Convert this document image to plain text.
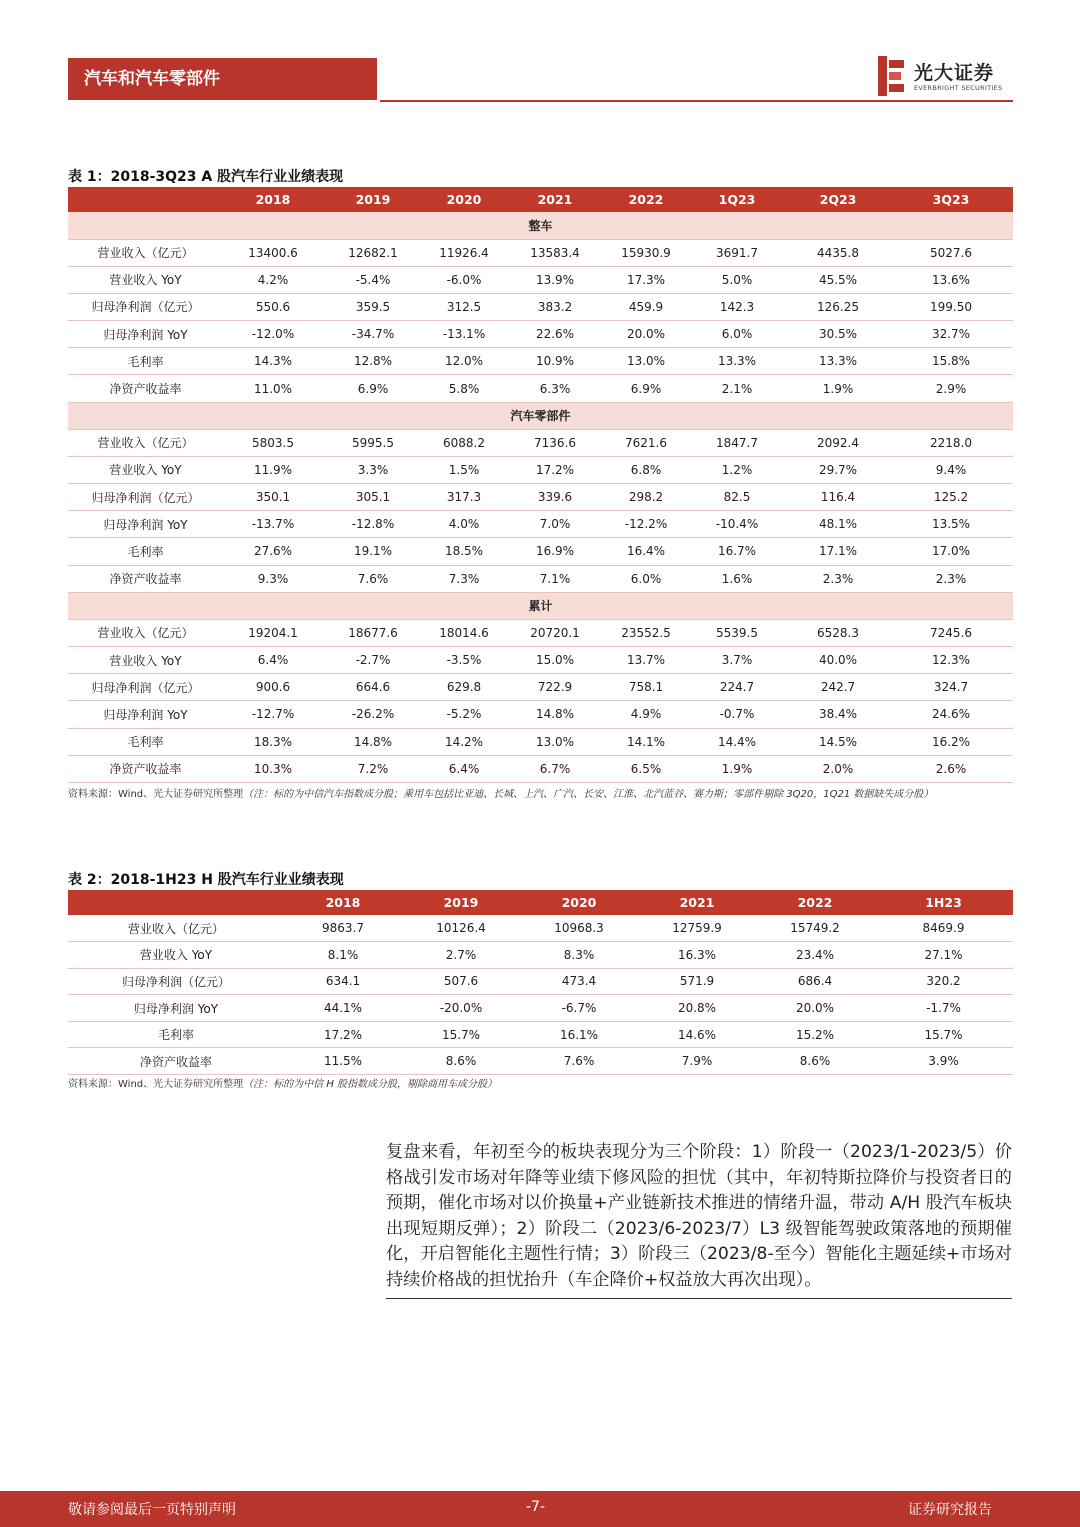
汽车和汽车零部件	光大证券
EVERBRIGHT SECURITIES
表 1：2018-3Q23 A 股汽车行业业绩表现
	2018	2019	2020	2021	2022	1Q23	2Q23	3Q23
整车								
营业收入（亿元）	13400.6	12682.1	11926.4	13583.4	15930.9	3691.7	4435.8	5027.6
营业收入 YoY	4.2%	-5.4%	-6.0%	13.9%	17.3%	5.0%	45.5%	13.6%
归母净利润（亿元）	550.6	359.5	312.5	383.2	459.9	142.3	126.25	199.50
归母净利润 YoY	-12.0%	-34.7%	-13.1%	22.6%	20.0%	6.0%	30.5%	32.7%
毛利率	14.3%	12.8%	12.0%	10.9%	13.0%	13.3%	13.3%	15.8%
净资产收益率	11.0%	6.9%	5.8%	6.3%	6.9%	2.1%	1.9%	2.9%
汽车零部件								
营业收入（亿元）	5803.5	5995.5	6088.2	7136.6	7621.6	1847.7	2092.4	2218.0
营业收入 YoY	11.9%	3.3%	1.5%	17.2%	6.8%	1.2%	29.7%	9.4%
归母净利润（亿元）	350.1	305.1	317.3	339.6	298.2	82.5	116.4	125.2
归母净利润 YoY	-13.7%	-12.8%	4.0%	7.0%	-12.2%	-10.4%	48.1%	13.5%
毛利率	27.6%	19.1%	18.5%	16.9%	16.4%	16.7%	17.1%	17.0%
净资产收益率	9.3%	7.6%	7.3%	7.1%	6.0%	1.6%	2.3%	2.3%
累计								
营业收入（亿元）	19204.1	18677.6	18014.6	20720.1	23552.5	5539.5	6528.3	7245.6
营业收入 YoY	6.4%	-2.7%	-3.5%	15.0%	13.7%	3.7%	40.0%	12.3%
归母净利润（亿元）	900.6	664.6	629.8	722.9	758.1	224.7	242.7	324.7
归母净利润 YoY	-12.7%	-26.2%	-5.2%	14.8%	4.9%	-0.7%	38.4%	24.6%
毛利率	18.3%	14.8%	14.2%	13.0%	14.1%	14.4%	14.5%	16.2%
净资产收益率	10.3%	7.2%	6.4%	6.7%	6.5%	1.9%	2.0%	2.6%
资料来源：Wind、光大证券研究所整理（注：标的为中信汽车指数成分股；乘用车包括比亚迪、长城、上汽、广汽、长安、江淮、北汽蓝谷、赛力斯；零部件剔除 3Q20，1Q21 数据缺失成分股）
表 2：2018-1H23 H 股汽车行业业绩表现
	2018	2019	2020	2021	2022	1H23
营业收入（亿元）	9863.7	10126.4	10968.3	12759.9	15749.2	8469.9
营业收入 YoY	8.1%	2.7%	8.3%	16.3%	23.4%	27.1%
归母净利润（亿元）	634.1	507.6	473.4	571.9	686.4	320.2
归母净利润 YoY	44.1%	-20.0%	-6.7%	20.8%	20.0%	-1.7%
毛利率	17.2%	15.7%	16.1%	14.6%	15.2%	15.7%
净资产收益率	11.5%	8.6%	7.6%	7.9%	8.6%	3.9%
资料来源：Wind、光大证券研究所整理（注：标的为中信 H 股指数成分股，剔除商用车成分股）
复盘来看，年初至今的板块表现分为三个阶段：1）阶段一（2023/1-2023/5）价格战引发市场对年降等业绩下修风险的担忧（其中，年初特斯拉降价与投资者日的预期，催化市场对以价换量+产业链新技术推进的情绪升温，带动 A/H 股汽车板块出现短期反弹）；2）阶段二（2023/6-2023/7）L3 级智能驾驶政策落地的预期催化，开启智能化主题性行情；3）阶段三（2023/8-至今）智能化主题延续+市场对持续价格战的担忧抬升（车企降价+权益放大再次出现）。
敬请参阅最后一页特别声明	-7-	证券研究报告
